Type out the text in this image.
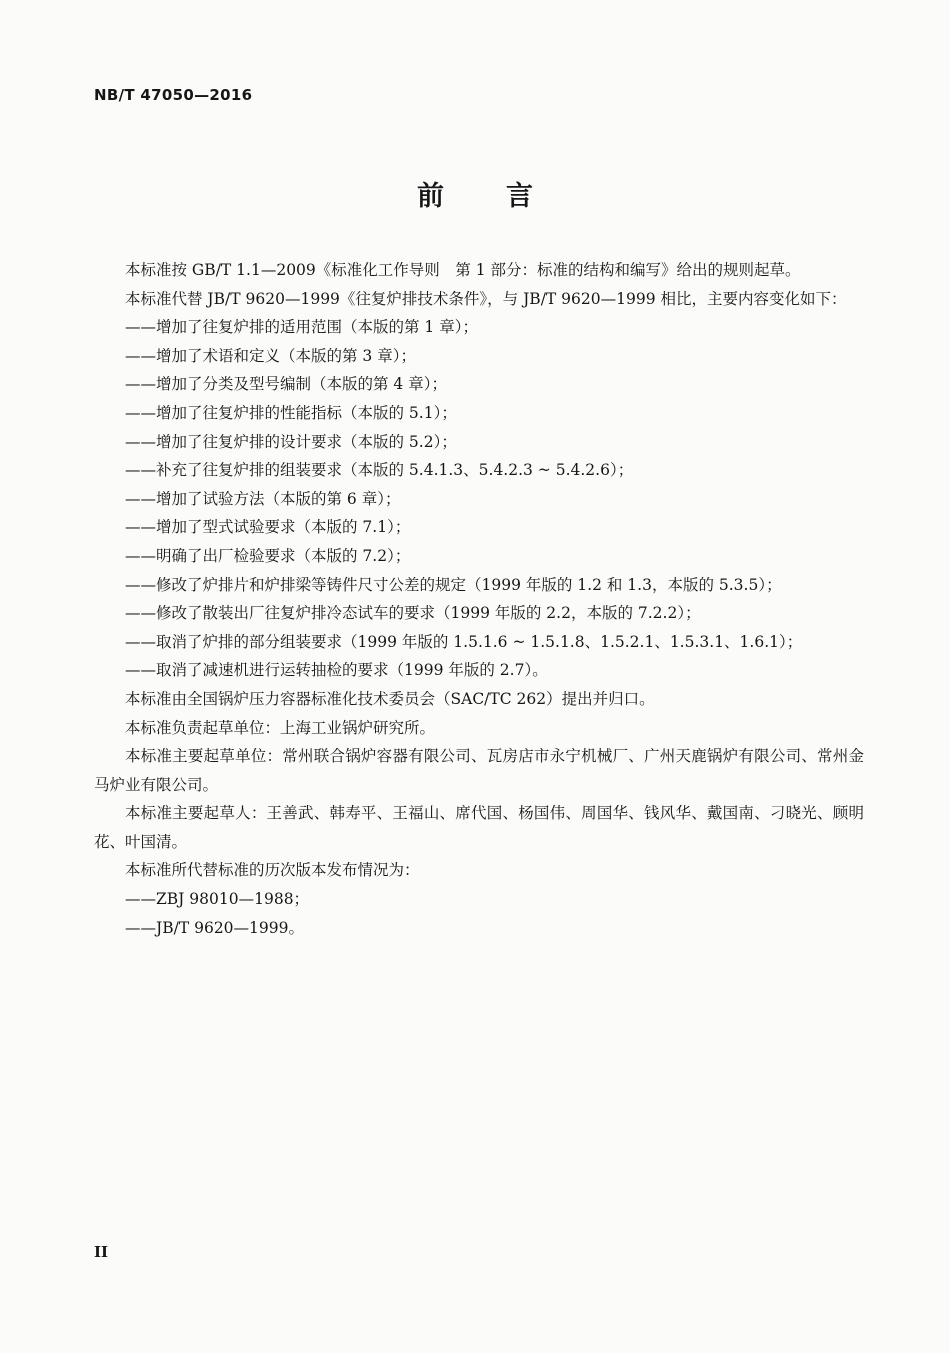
NB/T 47050—2016
前言

本标准按 GB/T 1.1—2009《标准化工作导则　第 1 部分：标准的结构和编写》给出的规则起草。

本标准代替 JB/T 9620—1999《往复炉排技术条件》，与 JB/T 9620—1999 相比，主要内容变化如下：

——增加了往复炉排的适用范围（本版的第 1 章）；

——增加了术语和定义（本版的第 3 章）；

——增加了分类及型号编制（本版的第 4 章）；

——增加了往复炉排的性能指标（本版的 5.1）；

——增加了往复炉排的设计要求（本版的 5.2）；

——补充了往复炉排的组装要求（本版的 5.4.1.3、5.4.2.3 ~ 5.4.2.6）；

——增加了试验方法（本版的第 6 章）；

——增加了型式试验要求（本版的 7.1）；

——明确了出厂检验要求（本版的 7.2）；

——修改了炉排片和炉排梁等铸件尺寸公差的规定（1999 年版的 1.2 和 1.3，本版的 5.3.5）；

——修改了散装出厂往复炉排冷态试车的要求（1999 年版的 2.2，本版的 7.2.2）；

——取消了炉排的部分组装要求（1999 年版的 1.5.1.6 ~ 1.5.1.8、1.5.2.1、1.5.3.1、1.6.1）；

——取消了减速机进行运转抽检的要求（1999 年版的 2.7）。

本标准由全国锅炉压力容器标准化技术委员会（SAC/TC 262）提出并归口。

本标准负责起草单位：上海工业锅炉研究所。

本标准主要起草单位：常州联合锅炉容器有限公司、瓦房店市永宁机械厂、广州天鹿锅炉有限公司、常州金马炉业有限公司。

本标准主要起草人：王善武、韩寿平、王福山、席代国、杨国伟、周国华、钱风华、戴国南、刁晓光、顾明花、叶国清。

本标准所代替标准的历次版本发布情况为：

——ZBJ 98010—1988；

——JB/T 9620—1999。

II
